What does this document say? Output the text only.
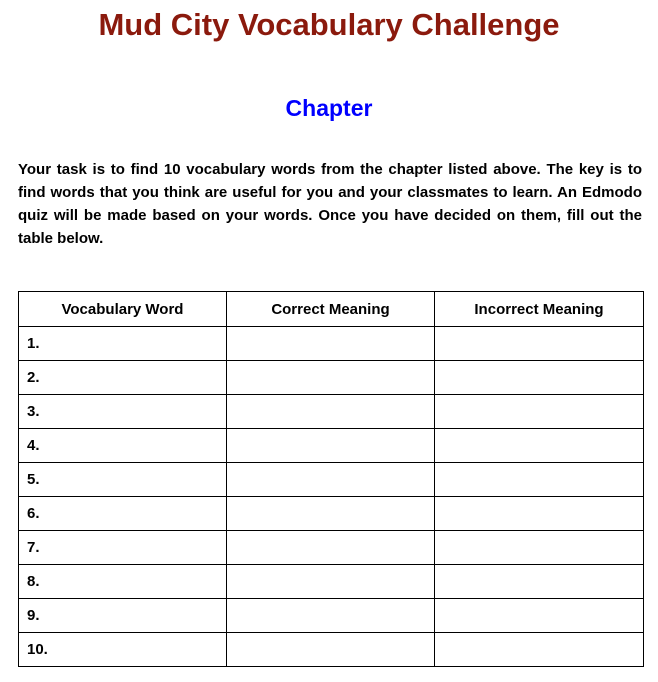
Mud City Vocabulary Challenge
Chapter

Your task is to find 10 vocabulary words from the chapter listed above. The key is to find words that you think are useful for you and your classmates to learn. An Edmodo quiz will be made based on your words. Once you have decided on them, fill out the table below.

Vocabulary Word	Correct Meaning	Incorrect Meaning
1.		
2.		
3.		
4.		
5.		
6.		
7.		
8.		
9.		
10.		
